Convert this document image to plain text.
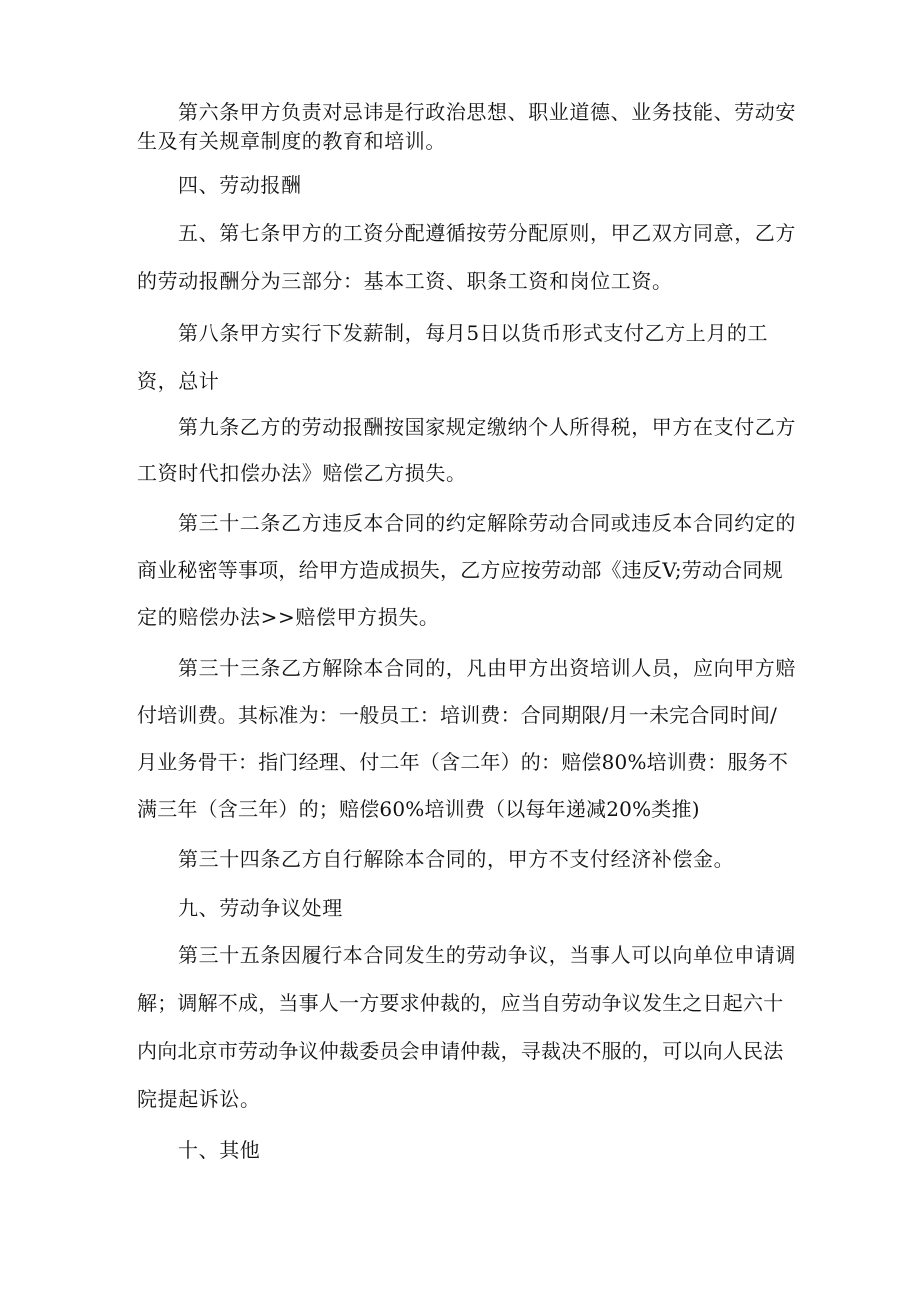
第六条甲方负责对忌讳是行政治思想、职业道德、业务技能、劳动安
生及有关规章制度的教育和培训。
四、劳动报酬
五、第七条甲方的工资分配遵循按劳分配原则，甲乙双方同意，乙方
的劳动报酬分为三部分：基本工资、职条工资和岗位工资。
第八条甲方实行下发薪制，每月5日以货币形式支付乙方上月的工
资，总计
第九条乙方的劳动报酬按国家规定缴纳个人所得税，甲方在支付乙方
工资时代扣偿办法》赔偿乙方损失。
第三十二条乙方违反本合同的约定解除劳动合同或违反本合同约定的
商业秘密等事项，给甲方造成损失，乙方应按劳动部《违反V;劳动合同规
定的赔偿办法>>赔偿甲方损失。
第三十三条乙方解除本合同的，凡由甲方出资培训人员，应向甲方赔
付培训费。其标准为：一般员工：培训费：合同期限/月一未完合同时间/
月业务骨干：指门经理、付二年（含二年）的：赔偿80%培训费：服务不
满三年（含三年）的；赔偿60%培训费（以每年递减20%类推)
第三十四条乙方自行解除本合同的，甲方不支付经济补偿金。
九、劳动争议处理
第三十五条因履行本合同发生的劳动争议，当事人可以向单位申请调
解；调解不成，当事人一方要求仲裁的，应当自劳动争议发生之日起六十
内向北京市劳动争议仲裁委员会申请仲裁，寻裁决不服的，可以向人民法
院提起诉讼。
十、其他
